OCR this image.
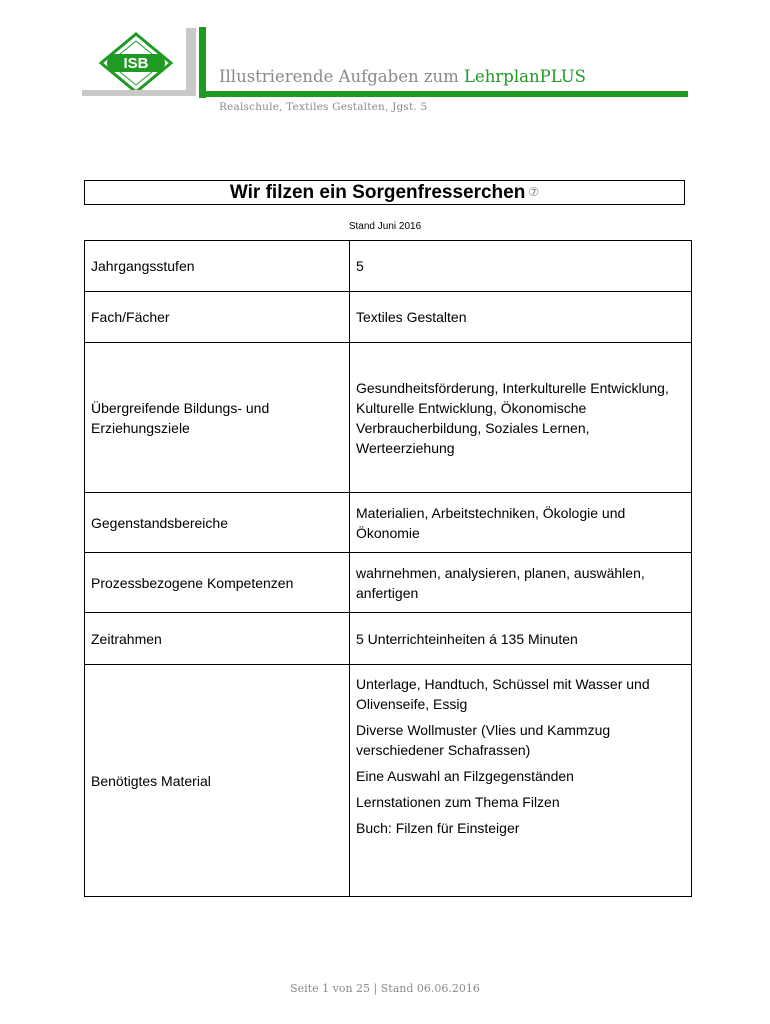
ISB
Illustrierende Aufgaben zum LehrplanPLUS
Realschule, Textiles Gestalten, Jgst. 5
Wir filzen ein Sorgenfresserchen ⑦
Stand Juni 2016
Jahrgangsstufen	5
Fach/Fächer	Textiles Gestalten
Übergreifende Bildungs- und Erziehungsziele	Gesundheitsförderung, Interkulturelle Entwicklung, Kulturelle Entwicklung, Ökonomische Verbraucherbildung, Soziales Lernen, Werteerziehung
Gegenstandsbereiche	Materialien, Arbeitstechniken, Ökologie und Ökonomie
Prozessbezogene Kompetenzen	wahrnehmen, analysieren, planen, auswählen, anfertigen
Zeitrahmen	5 Unterrichteinheiten á 135 Minuten
Benötigtes Material	Unterlage, Handtuch, Schüssel mit Wasser und Olivenseife, Essig
Diverse Wollmuster (Vlies und Kammzug verschiedener Schafrassen)
Eine Auswahl an Filzgegenständen
Lernstationen zum Thema Filzen
Buch: Filzen für Einsteiger
Seite 1 von 25 | Stand 06.06.2016
